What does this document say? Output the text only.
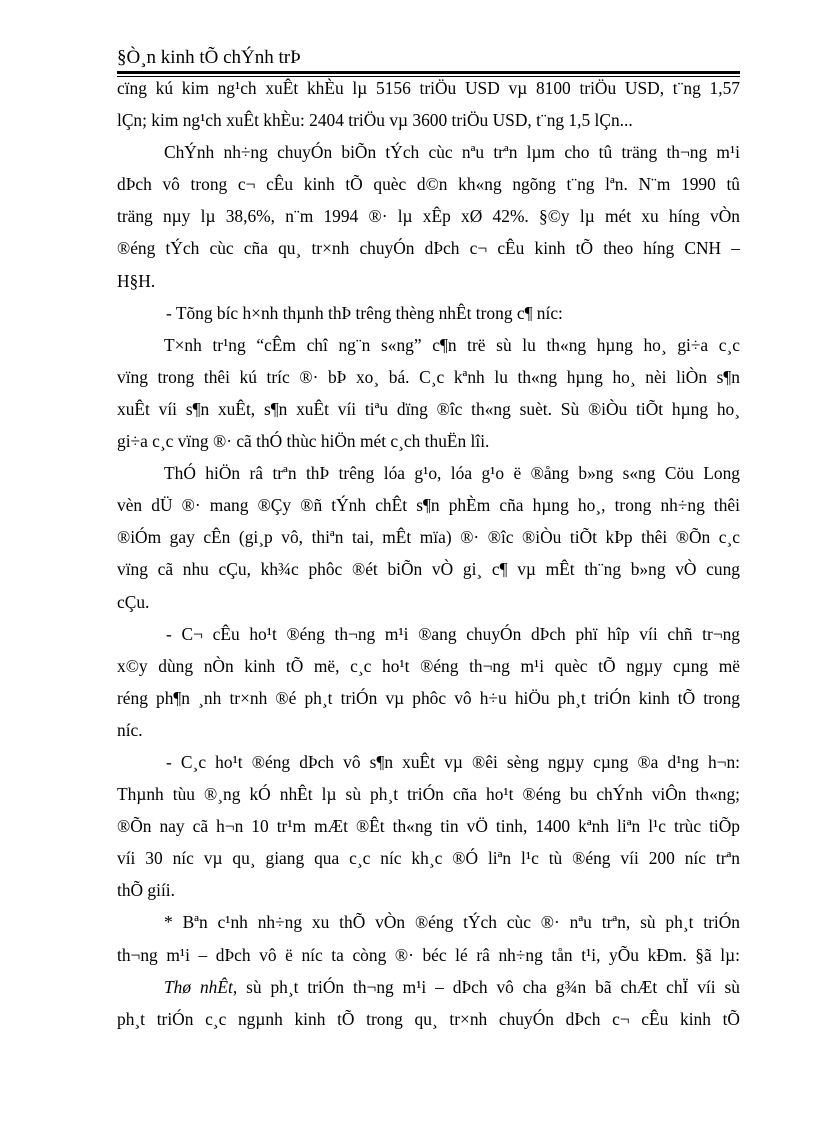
§Ò¸n kinh tÕ chÝnh trÞ
cïng kú kim ng¹ch xuÊt khÈu lµ 5156 triÖu USD vµ 8100 triÖu USD, t¨ng 1,57
lÇn; kim ng¹ch xuÊt khÈu: 2404 triÖu vµ 3600 triÖu USD, t¨ng 1,5 lÇn...
ChÝnh nh÷ng chuyÓn biÕn tÝch cùc nªu trªn lµm cho tû träng th¬ng m¹i
dÞch vô trong c¬ cÊu kinh tÕ quèc d©n kh«ng ngõng t¨ng lªn. N¨m 1990 tû
träng nµy lµ 38,6%, n¨m 1994 ®· lµ xÊp xØ 42%. §©y lµ mét xu híng vÒn
®éng tÝch cùc cña qu¸ tr×nh chuyÓn dÞch c¬ cÊu kinh tÕ theo híng CNH –
H§H.
- Tõng bíc h×nh thµnh thÞ trêng thèng nhÊt trong c¶ níc:
T×nh tr¹ng “cÊm chî ng¨n s«ng” c¶n trë sù lu th«ng hµng ho¸ gi÷a c¸c
vïng trong thêi kú tríc ®· bÞ xo¸ bá. C¸c kªnh lu th«ng hµng ho¸ nèi liÒn s¶n
xuÊt víi s¶n xuÊt, s¶n xuÊt víi tiªu dïng ®îc th«ng suèt. Sù ®iÒu tiÕt hµng ho¸
gi÷a c¸c vïng ®· cã thÓ thùc hiÖn mét c¸ch thuËn lîi.
ThÓ hiÖn râ trªn thÞ trêng lóa g¹o, lóa g¹o ë ®ång b»ng s«ng Cöu Long
vèn dÜ ®· mang ®Çy ®ñ tÝnh chÊt s¶n phÈm cña hµng ho¸, trong nh÷ng thêi
®iÓm gay cÊn (gi¸p vô, thiªn tai, mÊt mïa) ®· ®îc ®iÒu tiÕt kÞp thêi ®Õn c¸c
vïng cã nhu cÇu, kh¾c phôc ®ét biÕn vÒ gi¸ c¶ vµ mÊt th¨ng b»ng vÒ cung
cÇu.
- C¬ cÊu ho¹t ®éng th¬ng m¹i ®ang chuyÓn dÞch phï hîp víi chñ tr¬ng
x©y dùng nÒn kinh tÕ më, c¸c ho¹t ®éng th¬ng m¹i quèc tÕ ngµy cµng më
réng ph¶n ¸nh tr×nh ®é ph¸t triÓn vµ phôc vô h÷u hiÖu ph¸t triÓn kinh tÕ trong
níc.
- C¸c ho¹t ®éng dÞch vô s¶n xuÊt vµ ®êi sèng ngµy cµng ®a d¹ng h¬n:
Thµnh tùu ®¸ng kÓ nhÊt lµ sù ph¸t triÓn cña ho¹t ®éng bu chÝnh viÔn th«ng;
®Õn nay cã h¬n 10 tr¹m mÆt ®Êt th«ng tin vÖ tinh, 1400 kªnh liªn l¹c trùc tiÕp
víi 30 níc vµ qu¸ giang qua c¸c níc kh¸c ®Ó liªn l¹c tù ®éng víi 200 níc trªn
thÕ giíi.
* Bªn c¹nh nh÷ng xu thÕ vÒn ®éng tÝch cùc ®· nªu trªn, sù ph¸t triÓn
th¬ng m¹i – dÞch vô ë níc ta còng ®· béc lé râ nh÷ng tån t¹i, yÕu kÐm. §ã lµ:
Thø nhÊt, sù ph¸t triÓn th¬ng m¹i – dÞch vô cha g¾n bã chÆt chÏ víi sù
ph¸t triÓn c¸c ngµnh kinh tÕ trong qu¸ tr×nh chuyÓn dÞch c¬ cÊu kinh tÕ
